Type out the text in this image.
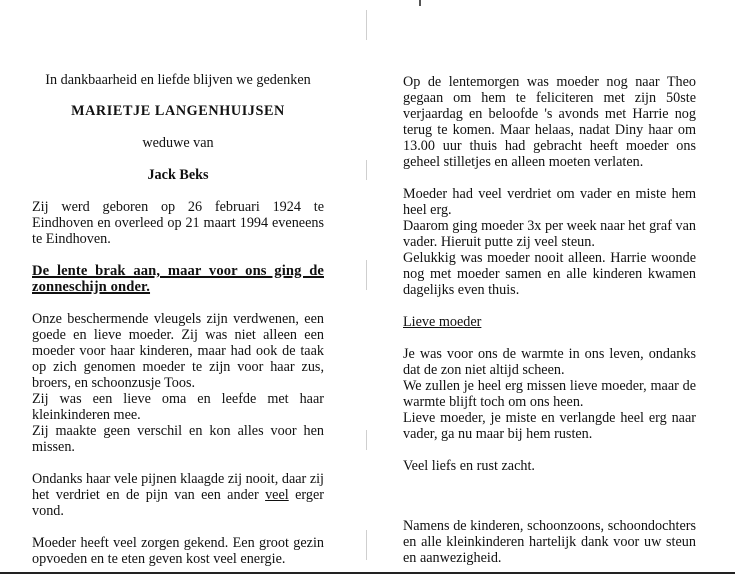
In dankbaarheid en liefde blijven we gedenken

MARIETJE LANGENHUIJSEN

weduwe van

Jack Beks

Zij werd geboren op 26 februari 1924 te Eindhoven en overleed op 21 maart 1994 eveneens te Eindhoven.

De lente brak aan, maar voor ons ging de zonneschijn onder.

Onze beschermende vleugels zijn verdwenen, een goede en lieve moeder. Zij was niet alleen een moeder voor haar kinderen, maar had ook de taak op zich genomen moeder te zijn voor haar zus, broers, en schoonzusje Toos.

Zij was een lieve oma en leefde met haar kleinkinderen mee.

Zij maakte geen verschil en kon alles voor hen missen.

Ondanks haar vele pijnen klaagde zij nooit, daar zij het verdriet en de pijn van een ander veel erger vond.

Moeder heeft veel zorgen gekend. Een groot gezin opvoeden en te eten geven kost veel energie.

Op de lentemorgen was moeder nog naar Theo gegaan om hem te feliciteren met zijn 50ste verjaardag en beloofde 's avonds met Harrie nog terug te komen. Maar helaas, nadat Diny haar om 13.00 uur thuis had gebracht heeft moeder ons geheel stilletjes en alleen moeten verlaten.

Moeder had veel verdriet om vader en miste hem heel erg.

Daarom ging moeder 3x per week naar het graf van vader. Hieruit putte zij veel steun.

Gelukkig was moeder nooit alleen. Harrie woonde nog met moeder samen en alle kinderen kwamen dagelijks even thuis.

Lieve moeder

Je was voor ons de warmte in ons leven, ondanks dat de zon niet altijd scheen.

We zullen je heel erg missen lieve moeder, maar de warmte blijft toch om ons heen.

Lieve moeder, je miste en verlangde heel erg naar vader, ga nu maar bij hem rusten.

Veel liefs en rust zacht.

Namens de kinderen, schoonzoons, schoondochters en alle kleinkinderen hartelijk dank voor uw steun en aanwezigheid.
